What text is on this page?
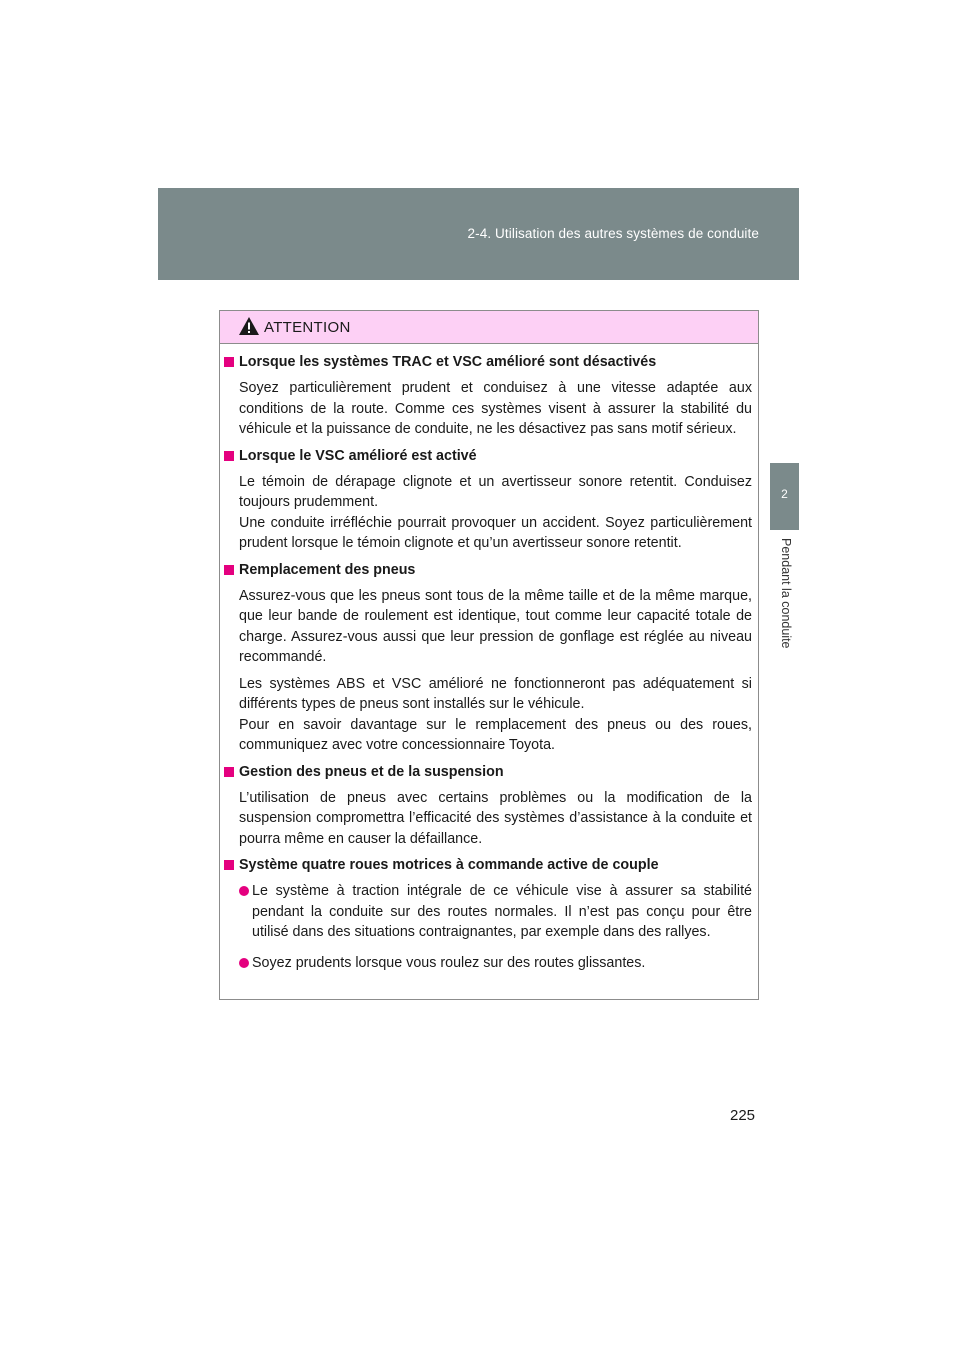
2-4. Utilisation des autres systèmes de conduite
2
Pendant la conduite
ATTENTION
Lorsque les systèmes TRAC et VSC amélioré sont désactivés
Soyez particulièrement prudent et conduisez à une vitesse adaptée aux conditions de la route. Comme ces systèmes visent à assurer la stabilité du véhicule et la puissance de conduite, ne les désactivez pas sans motif sérieux.
Lorsque le VSC amélioré est activé
Le témoin de dérapage clignote et un avertisseur sonore retentit. Conduisez toujours prudemment.
Une conduite irréfléchie pourrait provoquer un accident. Soyez particulièrement prudent lorsque le témoin clignote et qu’un avertisseur sonore retentit.
Remplacement des pneus
Assurez-vous que les pneus sont tous de la même taille et de la même marque, que leur bande de roulement est identique, tout comme leur capacité totale de charge. Assurez-vous aussi que leur pression de gonflage est réglée au niveau recommandé.
Les systèmes ABS et VSC amélioré ne fonctionneront pas adéquatement si différents types de pneus sont installés sur le véhicule.
Pour en savoir davantage sur le remplacement des pneus ou des roues, communiquez avec votre concessionnaire Toyota.
Gestion des pneus et de la suspension
L’utilisation de pneus avec certains problèmes ou la modification de la suspension compromettra l’efficacité des systèmes d’assistance à la conduite et pourra même en causer la défaillance.
Système quatre roues motrices à commande active de couple
Le système à traction intégrale de ce véhicule vise à assurer sa stabilité pendant la conduite sur des routes normales. Il n’est pas conçu pour être utilisé dans des situations contraignantes, par exemple dans des rallyes.
Soyez prudents lorsque vous roulez sur des routes glissantes.
225
